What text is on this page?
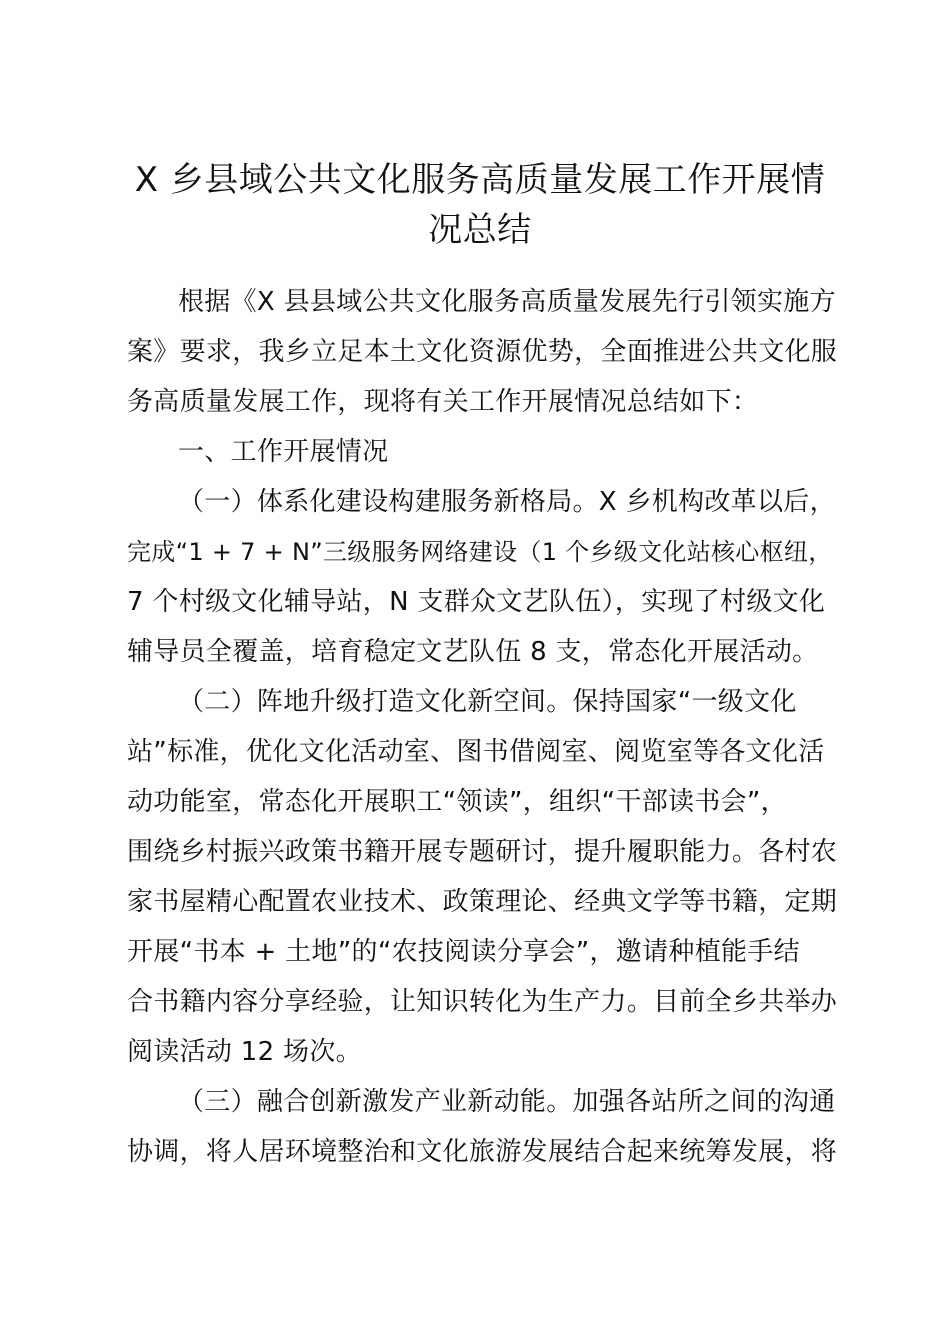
X 乡县域公共文化服务高质量发展工作开展情
况总结
根据《X 县县域公共文化服务高质量发展先行引领实施方
案》要求，我乡立足本土文化资源优势，全面推进公共文化服
务高质量发展工作，现将有关工作开展情况总结如下：
一、工作开展情况
（一）体系化建设构建服务新格局。X 乡机构改革以后，
完成“1 + 7 + N”三级服务网络建设（1 个乡级文化站核心枢纽，
7 个村级文化辅导站，N 支群众文艺队伍），实现了村级文化
辅导员全覆盖，培育稳定文艺队伍 8 支，常态化开展活动。
（二）阵地升级打造文化新空间。保持国家“一级文化
站”标准，优化文化活动室、图书借阅室、阅览室等各文化活
动功能室，常态化开展职工“领读”，组织“干部读书会”，
围绕乡村振兴政策书籍开展专题研讨，提升履职能力。各村农
家书屋精心配置农业技术、政策理论、经典文学等书籍，定期
开展“书本 + 土地”的“农技阅读分享会”，邀请种植能手结
合书籍内容分享经验，让知识转化为生产力。目前全乡共举办
阅读活动 12 场次。
（三）融合创新激发产业新动能。加强各站所之间的沟通
协调，将人居环境整治和文化旅游发展结合起来统筹发展，将
